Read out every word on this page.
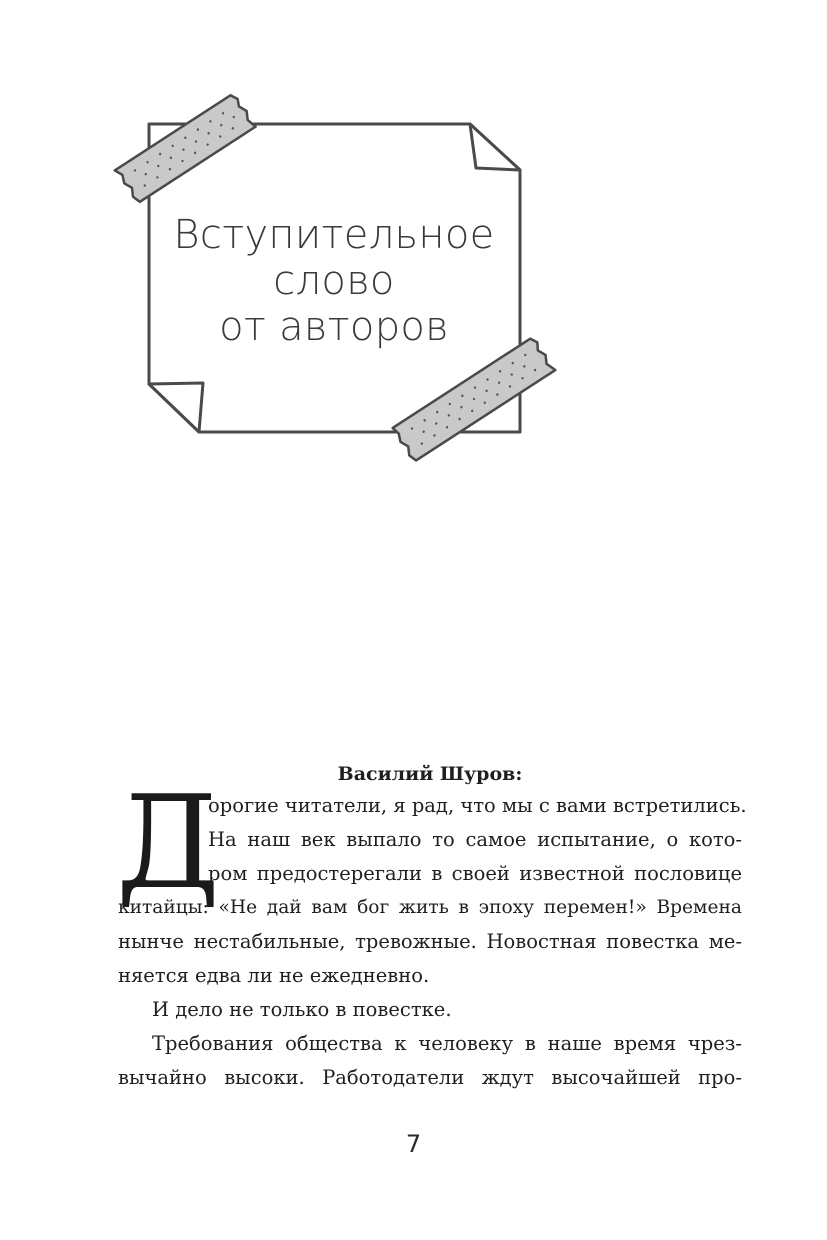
Вступительное
слово
от авторов
Василий Шуров:
Д
орогие читатели, я рад, что мы с вами встретились.
На наш век выпало то самое испытание, о кото-
ром предостерегали в своей известной пословице
китайцы: «Не дай вам бог жить в эпоху перемен!» Времена
нынче нестабильные, тревожные. Новостная повестка ме-
няется едва ли не ежедневно.
И дело не только в повестке.
Требования общества к человеку в наше время чрез-
вычайно высоки. Работодатели ждут высочайшей про-
7
